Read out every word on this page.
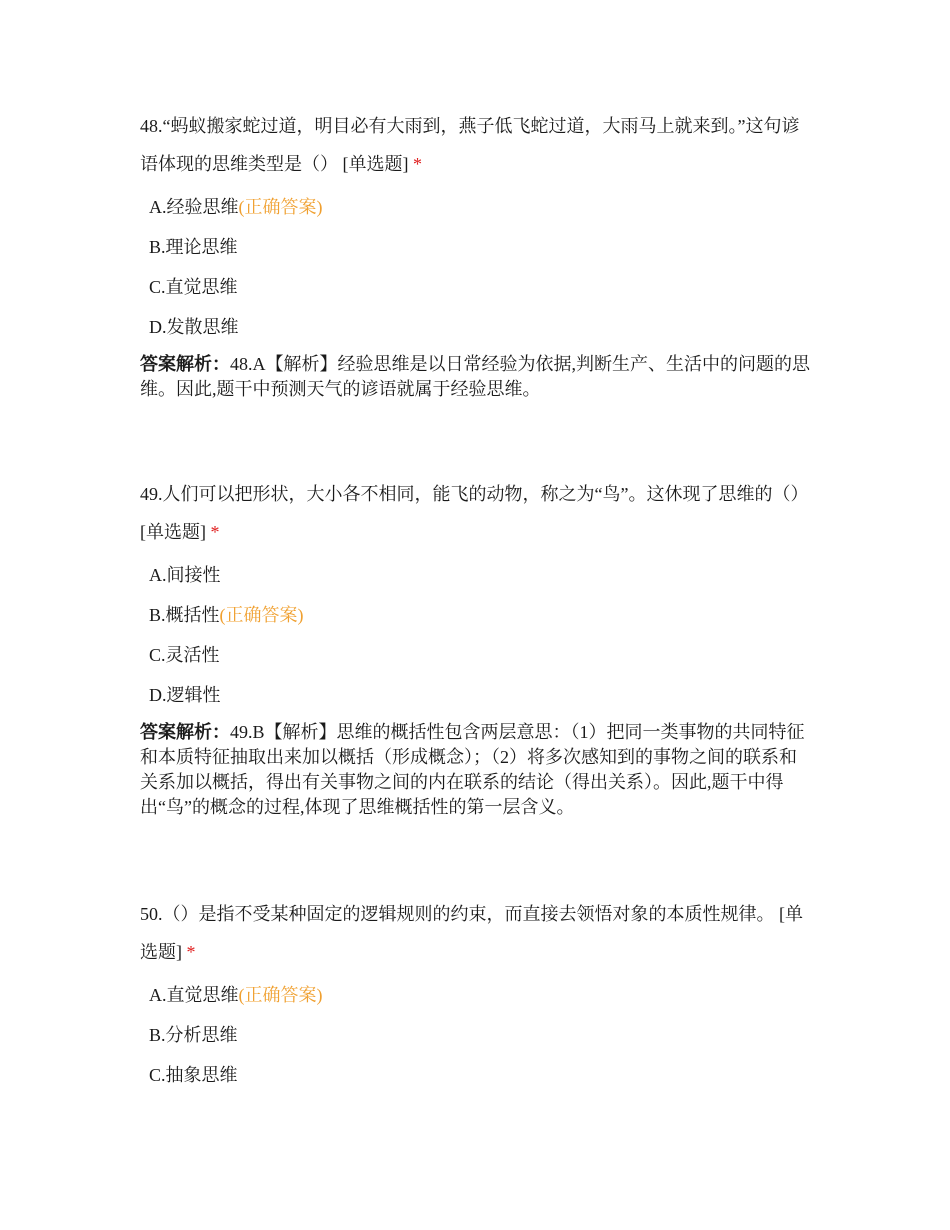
48.“蚂蚁搬家蛇过道，明目必有大雨到，燕子低飞蛇过道，大雨马上就来到。”这句谚语体现的思维类型是（） [单选题] *

A.经验思维(正确答案)
B.理论思维
C.直觉思维
D.发散思维
答案解析：48.A【解析】经验思维是以日常经验为依据,判断生产、生活中的问题的思维。因此,题干中预测天气的谚语就属于经验思维。

49.人们可以把形状，大小各不相同，能飞的动物，称之为“鸟”。这休现了思维的（） [单选题] *

A.间接性
B.概括性(正确答案)
C.灵活性
D.逻辑性
答案解析：49.B【解析】思维的概括性包含两层意思：（1）把同一类事物的共同特征和本质特征抽取出来加以概括（形成概念）；（2）将多次感知到的事物之间的联系和关系加以概括，得出有关事物之间的内在联系的结论（得出关系）。因此,题干中得出“鸟”的概念的过程,体现了思维概括性的第一层含义。

50.（）是指不受某种固定的逻辑规则的约束，而直接去领悟对象的本质性规律。 [单选题] *

A.直觉思维(正确答案)
B.分析思维
C.抽象思维
